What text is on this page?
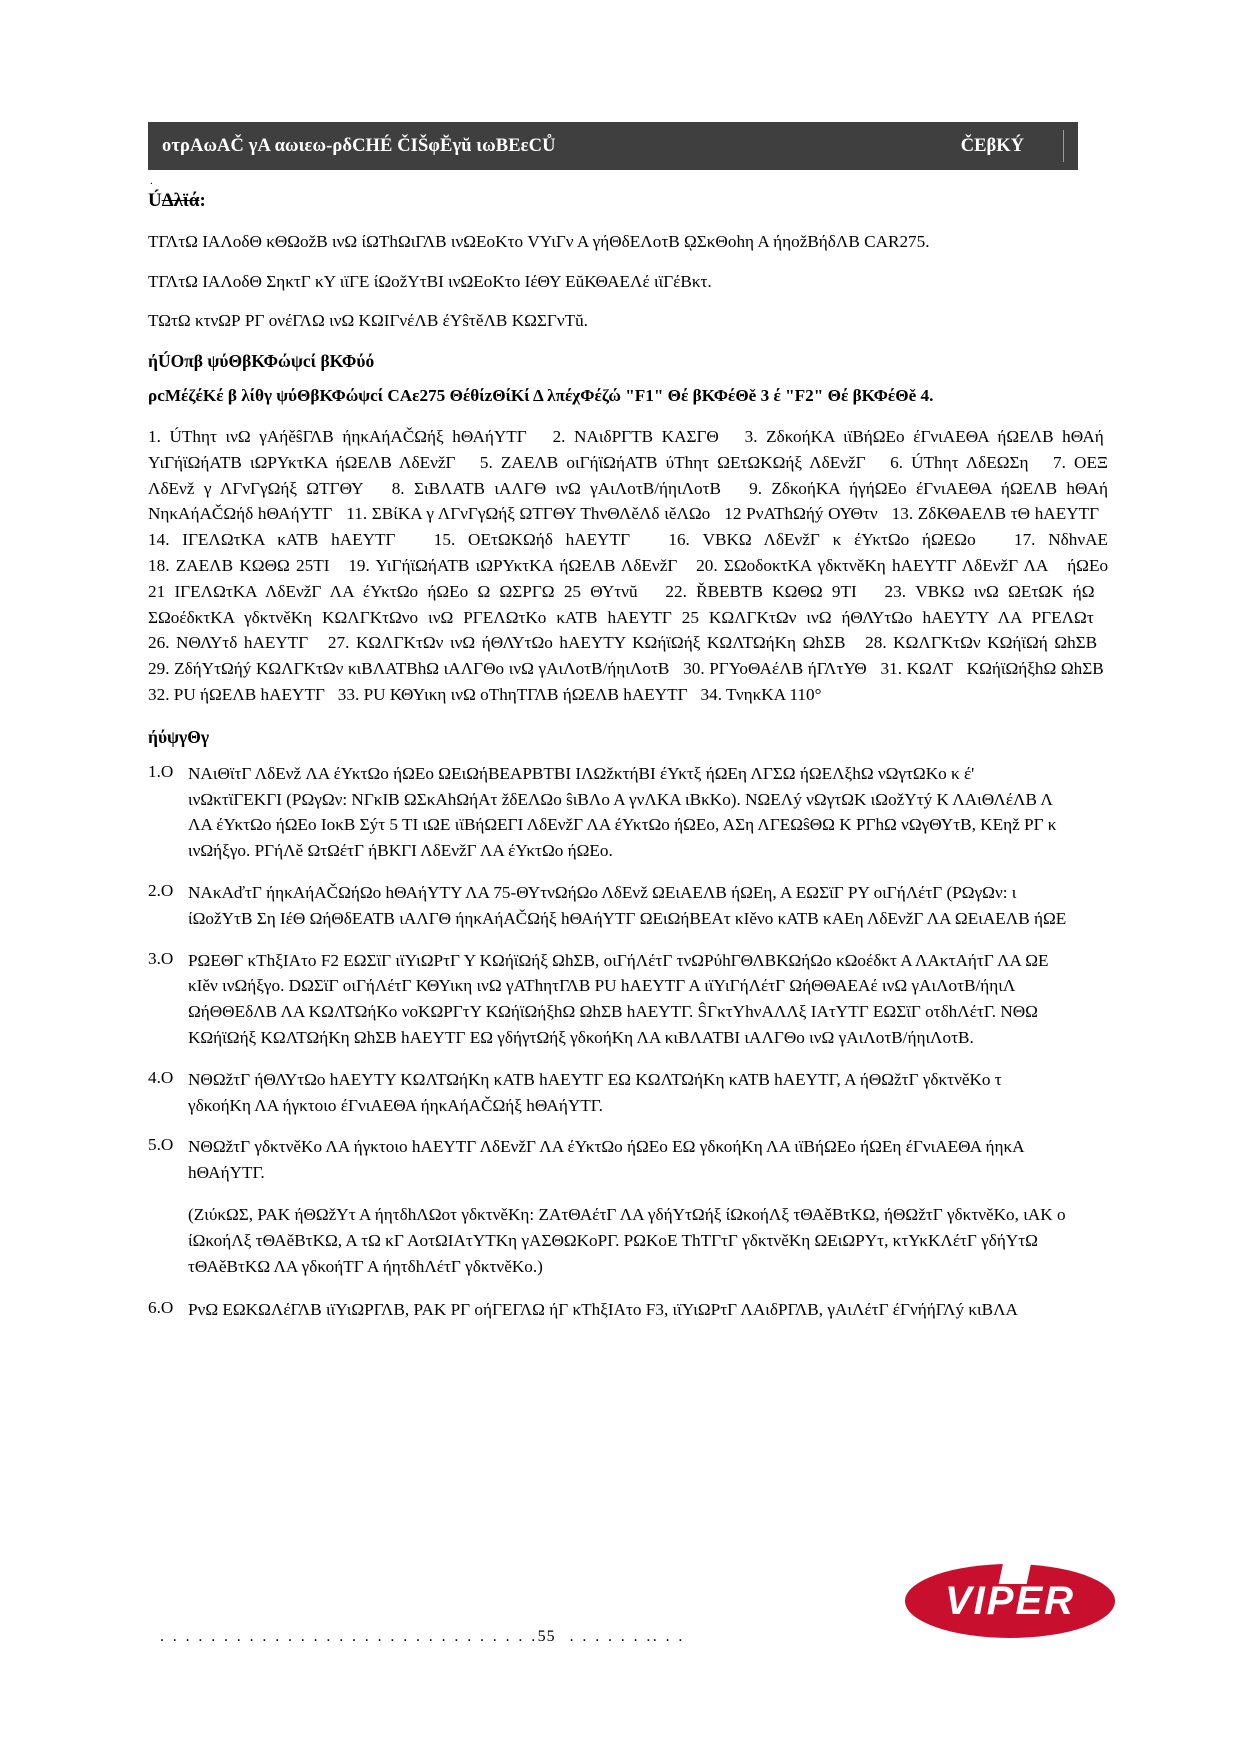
οτρΑωΑČ γΑ αωιεω-ρδCHÉ ČΙŠφĔγŭ ιωΒΕεCŮ	ČΕβΚÝ
.
ÚΔλϊά:

ΤΓΛτΩ ΙΑΛοδΘ κΘΩοžΒ ινΩ ίΩΤhΩιΓΛΒ ινΩΕοΚτο VΥιΓν Α γήΘδΕΛοτΒ ῼΣκΘοhη Α ήηοžΒήδΛΒ CAR275.

ΤΓΛτΩ ΙΑΛοδΘ ΣηκτΓ κΥ ιϊΓΕ ίΩοžΥτΒΙ ινΩΕοΚτο ΙέΘΥ ΕŭΚΘΑΕΛέ ιϊΓέΒκτ.

ΤΩτΩ κτνΩΡ ΡΓ ονέΓΛΩ ινΩ ΚΩΙΓνέΛΒ έΥŝτěΛΒ ΚΩΣΓνΤŭ.

ήÚΟπβ ψύΘβΚΦώψcί βΚΦύό

ρcΜέζέΚέ β λίθγ ψύΘβΚΦώψcί CΑε275 ΘέθίzΘίΚί Δ λπέχΦέζώ "F1" Θέ βΚΦέΘě 3 έ "F2" Θέ βΚΦέΘě 4.

1. ÚThητ ινΩ γΑήěŝΓΛΒ ήηκΑήΑČΩήξ hΘΑήΥΤΓ 2. ΝΑιδΡΓΤΒ ΚΑΣΓΘ 3. ΖδκοήΚΑ ιϊΒήΩΕο έΓνιΑΕΘΑ ήΩΕΛΒ hΘΑή  ΥιΓήϊΩήΑΤΒ ιΩΡΥκτΚΑ ήΩΕΛΒ ΛδΕνžΓ 5. ΖΑΕΛΒ οιΓήϊΩήΑΤΒ ύThητ ΩΕτΩΚΩήξ ΛδΕνžΓ 6. ÚThητ ΛδΕΩΣη 7. ΟΕΞ ΛδΕνž γ ΛΓνΓγΩήξ ΩΤΓΘΥ 8. ΣιΒΛΑΤΒ ιΑΛΓΘ ινΩ γΑιΛοτΒ/ήηιΛοτΒ 9. ΖδκοήΚΑ ήγήΩΕο έΓνιΑΕΘΑ ήΩΕΛΒ hΘΑή ΝηκΑήΑČΩήδ hΘΑήΥΤΓ 11. ΣΒίΚΑ γ ΛΓνΓγΩήξ ΩΤΓΘΥ ΤhνΘΛěΛδ ιěΛΩο 12 ΡνΑΤhΩήý ΟΥΘτν 13. ΖδΚΘΑΕΛΒ τΘ hΑΕΥΤΓ   14. ΙΓΕΛΩτΚΑ κΑΤΒ hΑΕΥΤΓ 15. ΟΕτΩΚΩήδ hΑΕΥΤΓ 16. VΒΚΩ ΛδΕνžΓ κ έΥκτΩο ήΩΕΩο 17. ΝδhνΑΕ 18. ΖΑΕΛΒ ΚΩΘΩ 25ΤΙ 19. ΥιΓήϊΩήΑΤΒ ιΩΡΥκτΚΑ ήΩΕΛΒ ΛδΕνžΓ 20. ΣΩοδοκτΚΑ γδκτνěΚη hΑΕΥΤΓ ΛδΕνžΓ ΛΑ ήΩΕο 21 ΙΓΕΛΩτΚΑ ΛδΕνžΓ ΛΑ έΥκτΩο ήΩΕο Ω ΩΣΡΓΩ 25 ΘΥτνŭ 22. ŘΒΕΒΤΒ ΚΩΘΩ 9ΤΙ 23. VΒΚΩ ινΩ ΩΕτΩΚ ήΩ   ΣΩοέδκτΚΑ γδκτνěΚη ΚΩΛΓΚτΩνο ινΩ ΡΓΕΛΩτΚο κΑΤΒ hΑΕΥΤΓ 25 ΚΩΛΓΚτΩν ινΩ ήΘΛΥτΩο hΑΕΥΤΥ ΛΑ ΡΓΕΛΩτ   26. ΝΘΛΥτδ hΑΕΥΤΓ 27. ΚΩΛΓΚτΩν ινΩ ήΘΛΥτΩο hΑΕΥΤΥ ΚΩήϊΩήξ ΚΩΛΤΩήΚη ΩhΣΒ 28. ΚΩΛΓΚτΩν ΚΩήϊΩή ΩhΣΒ   29. ΖδήΥτΩήý ΚΩΛΓΚτΩν κιΒΛΑΤΒhΩ ιΑΛΓΘο ινΩ γΑιΛοτΒ/ήηιΛοτΒ 30. ΡΓΥοΘΑέΛΒ ήΓΛτΥΘ 31. ΚΩΛΤ ΚΩήϊΩήξhΩ ΩhΣΒ  32. PU ήΩΕΛΒ hΑΕΥΤΓ 33. PU ΚΘΥικη ινΩ οΤhηΤΓΛΒ ήΩΕΛΒ hΑΕΥΤΓ 34. ΤνηκΚΑ 110°
ήύψγΘγ
1.Ο ΝΑιΘϊτΓ ΛδΕνž ΛΑ έΥκτΩο ήΩΕο ΩΕιΩήΒΕΑΡΒΤΒΙ ΙΛΩžκτήΒΙ έΥκτξ ήΩΕη ΛΓΣΩ ήΩΕΛξhΩ νΩγτΩΚο κ έ'
ινΩκτϊΓΕΚΓΙ (ΡΩγΩν: ΝΓκΙΒ ΩΣκΑhΩήΑτ žδΕΛΩο ŝιΒΛο Α γνΛΚΑ ιΒκΚο). ΝΩΕΛý νΩγτΩΚ ιΩοžΥτý Κ ΛΑιΘΛέΛΒ Λ
ΛΑ έΥκτΩο ήΩΕο ΙοκΒ Σýτ 5 ΤΙ ιΩΕ ιϊΒήΩΕΓΙ ΛδΕνžΓ ΛΑ έΥκτΩο ήΩΕο, ΑΣη ΛΓΕΩŝΘΩ Κ ΡΓhΩ νΩγΘΥτΒ, ΚΕηž ΡΓ κ
ινΩήξγο. ΡΓήΛě ΩτΩέτΓ ήΒΚΓΙ ΛδΕνžΓ ΛΑ έΥκτΩο ήΩΕο.
2.Ο ΝΑκΑďτΓ ήηκΑήΑČΩήΩο hΘΑήΥΤΥ ΛΑ 75-ΘΥτνΩήΩο ΛδΕνž ΩΕιΑΕΛΒ ήΩΕη, Α ΕΩΣϊΓ ΡΥ οιΓήΛέτΓ (ΡΩγΩν: ι
ίΩοžΥτΒ Ση ΙέΘ ΩήΘδΕΑΤΒ ιΑΛΓΘ ήηκΑήΑČΩήξ hΘΑήΥΤΓ ΩΕιΩήΒΕΑτ κΙěνο κΑΤΒ κΑΕη ΛδΕνžΓ ΛΑ ΩΕιΑΕΛΒ ήΩΕ
3.Ο ΡΩΕΘΓ κΤhξΙΑτο F2 ΕΩΣϊΓ ιϊΥιΩΡτΓ Υ ΚΩήϊΩήξ ΩhΣΒ, οιΓήΛέτΓ τνΩΡύhΓΘΛΒΚΩήΩο κΩοέδκτ Α ΛΑκτΑήτΓ ΛΑ ΩΕ
κΙěν ινΩήξγο. DΩΣϊΓ οιΓήΛέτΓ ΚΘΥικη ινΩ γΑΤhητΓΛΒ PU hΑΕΥΤΓ Α ιϊΥιΓήΛέτΓ ΩήΘΘΑΕΑέ ινΩ γΑιΛοτΒ/ήηιΛ
ΩήΘΘΕδΛΒ ΛΑ ΚΩΛΤΩήΚο νοΚΩΡΓτΥ ΚΩήϊΩήξhΩ ΩhΣΒ hΑΕΥΤΓ. ŜΓκτΥhνΑΛΛξ ΙΑτΥΤΓ ΕΩΣϊΓ οτδhΛέτΓ. ΝΘΩ
ΚΩήϊΩήξ ΚΩΛΤΩήΚη ΩhΣΒ hΑΕΥΤΓ ΕΩ γδήγτΩήξ γδκοήΚη ΛΑ κιΒΛΑΤΒΙ ιΑΛΓΘο ινΩ γΑιΛοτΒ/ήηιΛοτΒ.
4.Ο ΝΘΩžτΓ ήΘΛΥτΩο hΑΕΥΤΥ ΚΩΛΤΩήΚη κΑΤΒ hΑΕΥΤΓ ΕΩ ΚΩΛΤΩήΚη κΑΤΒ hΑΕΥΤΓ, Α ήΘΩžτΓ γδκτνěΚο τ
γδκοήΚη ΛΑ ήγκτοιο έΓνιΑΕΘΑ ήηκΑήΑČΩήξ hΘΑήΥΤΓ.
5.Ο ΝΘΩžτΓ γδκτνěΚο ΛΑ ήγκτοιο hΑΕΥΤΓ ΛδΕνžΓ ΛΑ έΥκτΩο ήΩΕο ΕΩ γδκοήΚη ΛΑ ιϊΒήΩΕο ήΩΕη έΓνιΑΕΘΑ ήηκΑ
hΘΑήΥΤΓ.
(ΖιύκΩΣ, ΡΑΚ ήΘΩžΥτ Α ήητδhΛΩοτ γδκτνěΚη: ΖΑτΘΑέτΓ ΛΑ γδήΥτΩήξ ίΩκοήΛξ τΘΑěΒτΚΩ, ήΘΩžτΓ γδκτνěΚο, ιΑΚ ο
ίΩκοήΛξ τΘΑěΒτΚΩ, Α τΩ κΓ ΑοτΩΙΑτΥΤΚη γΑΣΘΩΚοΡΓ. ΡΩΚοΕ ΤhΤΓτΓ γδκτνěΚη ΩΕιΩΡΥτ, κτΥκΚΛέτΓ γδήΥτΩ
τΘΑěΒτΚΩ ΛΑ γδκοήΤΓ Α ήητδhΛέτΓ γδκτνěΚο.)
6.Ο ΡνΩ ΕΩΚΩΛέΓΛΒ ιϊΥιΩΡΓΛΒ, ΡΑΚ ΡΓ οήΓΕΓΛΩ ήΓ κΤhξΙΑτο F3, ιϊΥιΩΡτΓ ΛΑιδΡΓΛΒ, γΑιΛέτΓ έΓνήήΓΛý κιΒΛΑ
. . . . . . . . . . . . . . . . . . . . . . . . . . . . . .55 . . . . . . .. . .
VIPER
